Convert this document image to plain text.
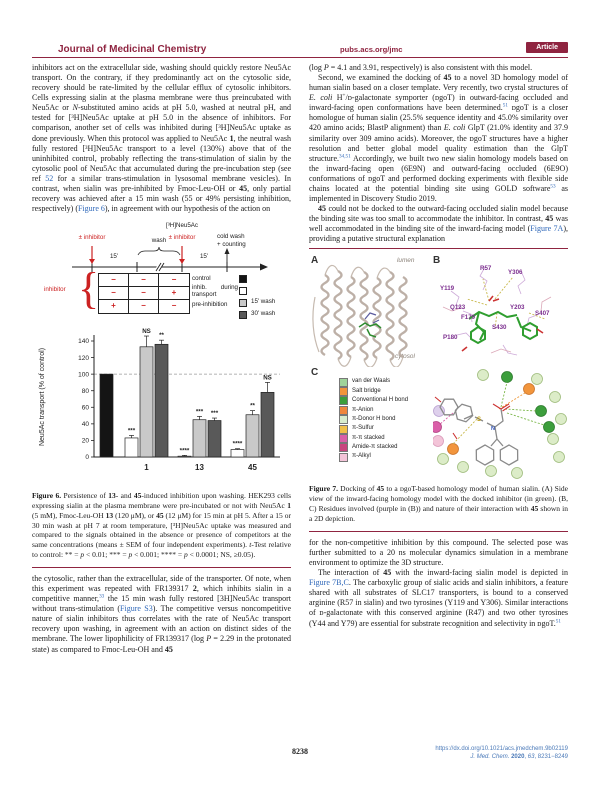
Journal of Medicinal Chemistry	pubs.acs.org/jmc	Article

inhibitors act on the extracellular side, washing should quickly restore Neu5Ac transport. On the contrary, if they predominantly act on the cytosolic side, recovery should be rate-limited by the cellular efflux of cytosolic inhibitors. Cells expressing sialin at the plasma membrane were thus preincubated with Neu5Ac or N-substituted amino acids at pH 5.0, washed at neutral pH, and tested for [³H]Neu5Ac uptake at pH 5.0 in the absence of inhibitors. For comparison, another set of cells was inhibited during [³H]Neu5Ac uptake as done previously. When this protocol was applied to Neu5Ac 1, the neutral wash fully restored [³H]Neu5Ac transport to a level (130%) above that of the uninhibited control, probably reflecting the trans-stimulation of sialin by the cytosolic pool of Neu5Ac that accumulated during the pre-incubation step (see ref 52 for a similar trans-stimulation in lysosomal membrane vesicles). In contrast, when sialin was pre-inhibited by Fmoc-Leu-OH or 45, only partial recovery was achieved after a 15 min wash (55 or 49% persisting inhibition, respectively) (Figure 6), in agreement with our hypothesis of the action on

[³H]Neu5Ac
± inhibitor	± inhibitor
wash
cold wash
+ counting
15'	15'
inhibitor {	−	−	−
−	−	+
+	−	−
control
inhib. during transport
pre-inhibition	15' wash
30' wash
0
20
40
60
80
100
120
140
Neu5Ac transport (% of control)	***
NS
**
1
****
*** ***
13
****
**
NS
45

Figure 6. Persistence of 13- and 45-induced inhibition upon washing. HEK293 cells expressing sialin at the plasma membrane were pre-incubated or not with Neu5Ac 1 (5 mM), Fmoc-Leu-OH 13 (120 μM), or 45 (12 μM) for 15 min at pH 5. After a 15 or 30 min wash at pH 7 at room temperature, [³H]Neu5Ac uptake was measured and compared to the signals obtained in the absence or presence of competitors at the same concentrations (means ± SEM of four independent experiments). t-Test relative to control: ** = p < 0.01; *** = p < 0.001; **** = p < 0.0001; NS, ≥0.05).

the cytosolic, rather than the extracellular, side of the transporter. Of note, when this experiment was repeated with FR139317 2, which inhibits sialin in a competitive manner,$^{33}$ the 15 min wash fully restored [3H]Neu5Ac transport without trans-stimulation (Figure S3). The competitive versus noncompetitive nature of sialin inhibitors thus correlates with the rate of Neu5Ac transport recovery upon washing, in agreement with an action on distinct sides of the membrane. The lower lipophilicity of FR139317 (log P = 2.29 in the protonated state) as compared to Fmoc-Leu-OH and 45

(log P = 4.1 and 3.91, respectively) is also consistent with this model.

Second, we examined the docking of 45 to a novel 3D homology model of human sialin based on a closer template. Very recently, two crystal structures of E. coli H+/ᴅ-galactonate symporter (ᴅgoT) in outward-facing occluded and inward-facing open conformations have been determined.$^{51}$ ᴅgoT is a closer homologue of human sialin (25.5% sequence identity and 45.0% similarity over 420 amino acids; BlastP alignment) than E. coli GlpT (21.0% identity and 37.9 similarity over 309 amino acids). Moreover, the ᴅgoT structures have a higher resolution and better global model quality estimation than the GlpT structure.$^{34,51}$ Accordingly, we built two new sialin homology models based on the inward-facing open (6E9N) and outward-facing occluded (6E9O) conformations of ᴅgoT and performed docking experiments with flexible side chains located at the potential binding site using GOLD software$^{53}$ as implemented in Discovery Studio 2019.

45 could not be docked to the outward-facing occluded sialin model because the binding site was too small to accommodate the inhibitor. In contrast, 45 was well accommodated in the binding site of the inward-facing model (Figure 7A), providing a putative structural explanation

A	lumen
cytosol
B
R57
Y306
Y119
Q123
F179
Y203
S407
P180
S430
C
van der Waals
Salt bridge
Conventional H bond
π-Anion
π-Donor H bond
π-Sulfur
π-π stacked
Amide-π stacked
π-Alkyl
S
N

Figure 7. Docking of 45 to a ᴅgoT-based homology model of human sialin. (A) Side view of the inward-facing homology model with the docked inhibitor (in green). (B, C) Residues involved (purple in (B)) and nature of their interaction with 45 shown in a 2D depiction.

for the non-competitive inhibition by this compound. The selected pose was further submitted to a 20 ns molecular dynamics simulation in a membrane environment to optimize the 3D structure.

The interaction of 45 with the inward-facing sialin model is depicted in Figure 7B,C. The carboxylic group of sialic acids and sialin inhibitors, a feature shared with all substrates of SLC17 transporters, is bound to a conserved arginine (R57 in sialin) and two tyrosines (Y119 and Y306). Similar interactions of ᴅ-galactonate with this conserved arginine (R47) and two other tyrosines (Y44 and Y79) are essential for substrate recognition and selectivity in ᴅgoT.$^{51}$

8238	https://dx.doi.org/10.1021/acs.jmedchem.9b02119
J. Med. Chem. 2020, 63, 8231−8249
